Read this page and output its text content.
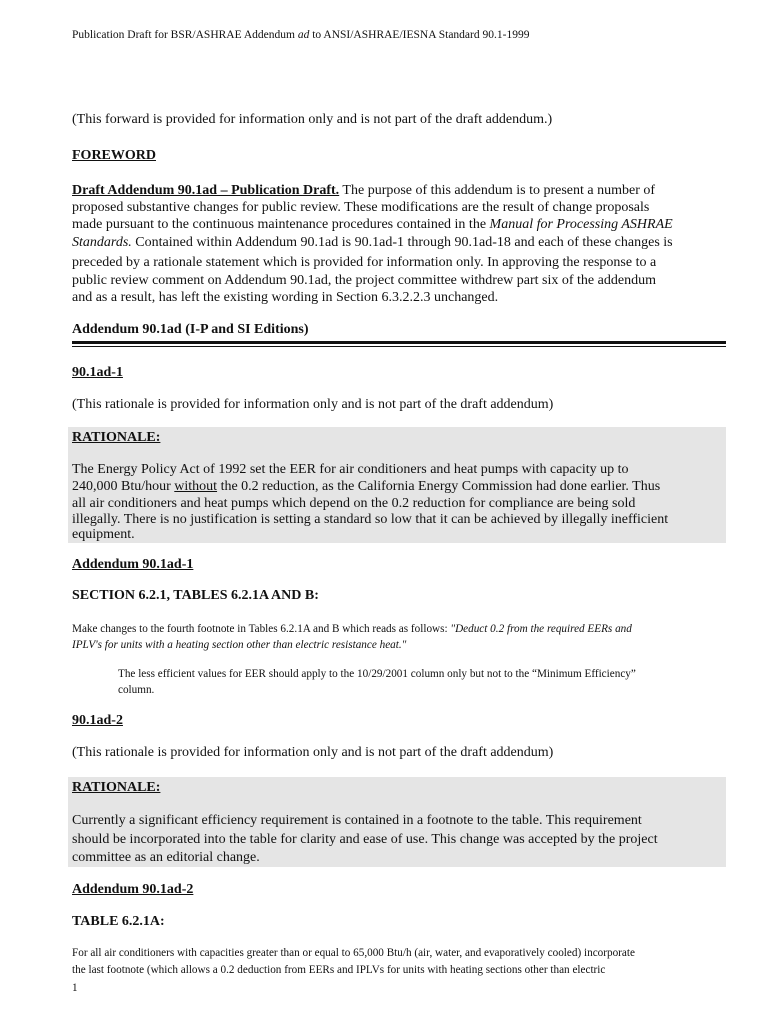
Publication Draft for BSR/ASHRAE Addendum ad to ANSI/ASHRAE/IESNA Standard 90.1-1999
(This forward is provided for information only and is not part of the draft addendum.)
FOREWORD
Draft Addendum 90.1ad – Publication Draft. The purpose of this addendum is to present a number of
proposed substantive changes for public review. These modifications are the result of change proposals
made pursuant to the continuous maintenance procedures contained in the Manual for Processing ASHRAE
Standards. Contained within Addendum 90.1ad is 90.1ad-1 through 90.1ad-18 and each of these changes is
preceded by a rationale statement which is provided for information only. In approving the response to a
public review comment on Addendum 90.1ad, the project committee withdrew part six of the addendum
and as a result, has left the existing wording in Section 6.3.2.2.3 unchanged.
Addendum 90.1ad (I-P and SI Editions)
90.1ad-1
(This rationale is provided for information only and is not part of the draft addendum)
RATIONALE:
The Energy Policy Act of 1992 set the EER for air conditioners and heat pumps with capacity up to
240,000 Btu/hour without the 0.2 reduction, as the California Energy Commission had done earlier. Thus
all air conditioners and heat pumps which depend on the 0.2 reduction for compliance are being sold
illegally. There is no justification is setting a standard so low that it can be achieved by illegally inefficient
equipment.
Addendum 90.1ad-1
SECTION 6.2.1, TABLES 6.2.1A AND B:
Make changes to the fourth footnote in Tables 6.2.1A and B which reads as follows: "Deduct 0.2 from the required EERs and
IPLV's for units with a heating section other than electric resistance heat."
The less efficient values for EER should apply to the 10/29/2001 column only but not to the “Minimum Efficiency”
column.
90.1ad-2
(This rationale is provided for information only and is not part of the draft addendum)
RATIONALE:
Currently a significant efficiency requirement is contained in a footnote to the table. This requirement
should be incorporated into the table for clarity and ease of use. This change was accepted by the project
committee as an editorial change.
Addendum 90.1ad-2
TABLE 6.2.1A:
For all air conditioners with capacities greater than or equal to 65,000 Btu/h (air, water, and evaporatively cooled) incorporate
the last footnote (which allows a 0.2 deduction from EERs and IPLVs for units with heating sections other than electric
1
